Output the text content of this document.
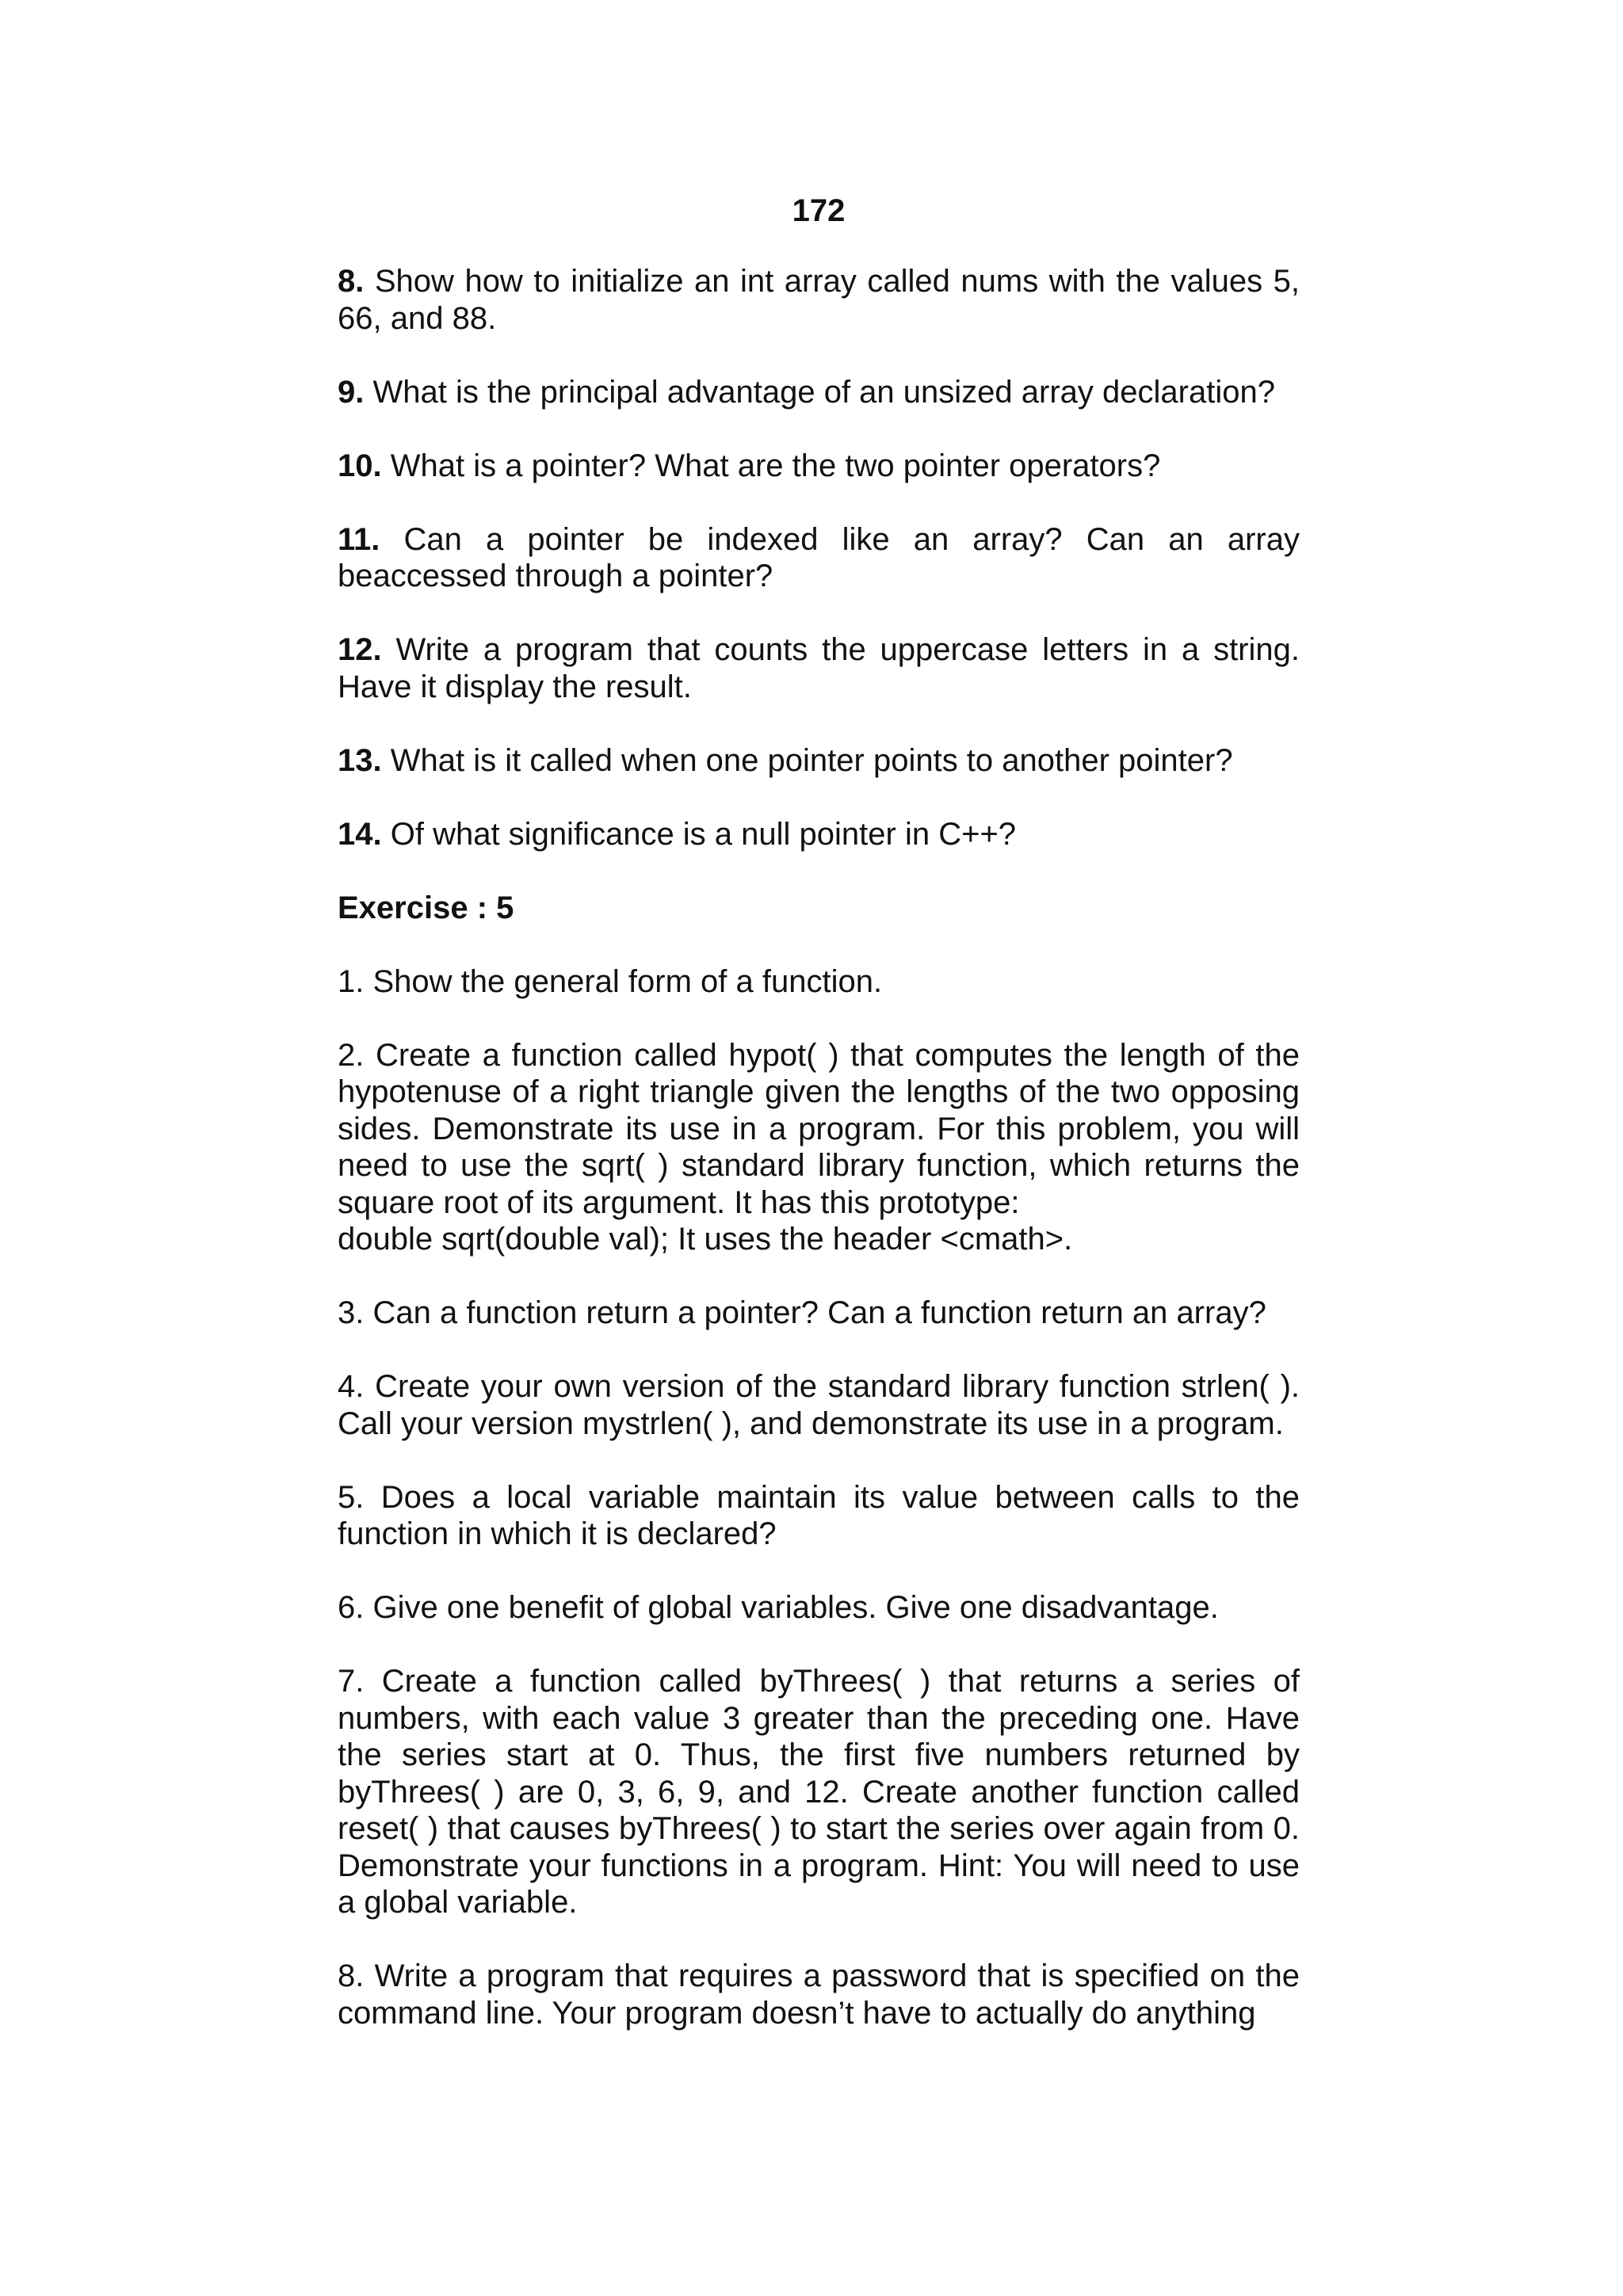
172

8. Show how to initialize an int array called nums with the values 5, 66, and 88.

9. What is the principal advantage of an unsized array declaration?

10. What is a pointer? What are the two pointer operators?

11. Can a pointer be indexed like an array? Can an array beaccessed through a pointer?

12. Write a program that counts the uppercase letters in a string. Have it display the result.

13. What is it called when one pointer points to another pointer?

14. Of what significance is a null pointer in C++?

Exercise : 5

1. Show the general form of a function.

2. Create a function called hypot( ) that computes the length of the hypotenuse of a right triangle given the lengths of the two opposing sides. Demonstrate its use in a program. For this problem, you will need to use the sqrt( ) standard library function, which returns the square root of its argument. It has this prototype:
double sqrt(double val); It uses the header <cmath>.

3. Can a function return a pointer? Can a function return an array?

4. Create your own version of the standard library function strlen( ). Call your version mystrlen( ), and demonstrate its use in a program.

5. Does a local variable maintain its value between calls to the function in which it is declared?

6. Give one benefit of global variables. Give one disadvantage.

7. Create a function called byThrees( ) that returns a series of numbers, with each value 3 greater than the preceding one. Have the series start at 0. Thus, the first five numbers returned by byThrees( ) are 0, 3, 6, 9, and 12. Create another function called reset( ) that causes byThrees( ) to start the series over again from 0. Demonstrate your functions in a program. Hint: You will need to use a global variable.

8. Write a program that requires a password that is specified on the command line. Your program doesn’t have to actually do anything
